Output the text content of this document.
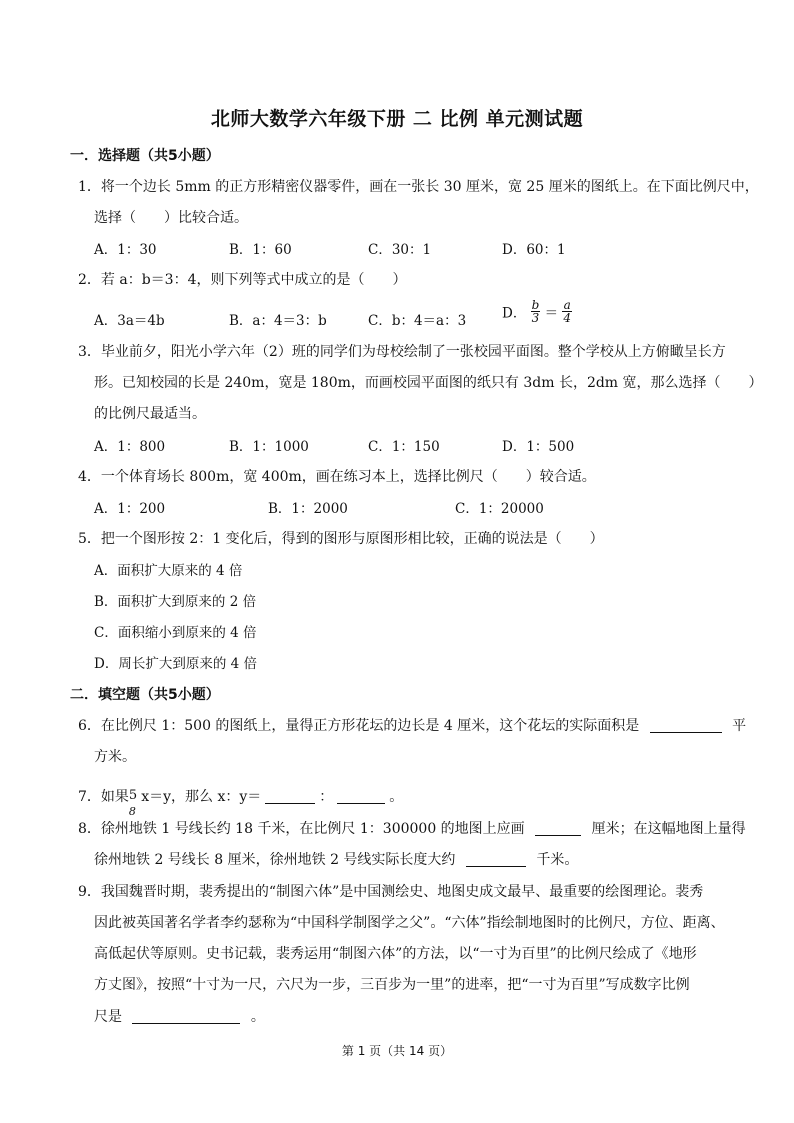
北师大数学六年级下册 二 比例 单元测试题
一．选择题（共5小题）
1．将一个边长 5mm 的正方形精密仪器零件，画在一张长 30 厘米，宽 25 厘米的图纸上。在下面比例尺中，
选择（　　）比较合适。
A．1：30	B．1：60	C．30：1	D．60：1
2．若 a：b＝3：4，则下列等式中成立的是（　　）
A．3a＝4b	B．a：4＝3：b	C．b：4＝a：3	D． $\frac{b}{3} = \frac{a}{4}$
3．毕业前夕，阳光小学六年（2）班的同学们为母校绘制了一张校园平面图。整个学校从上方俯瞰呈长方
形。已知校园的长是 240m，宽是 180m，而画校园平面图的纸只有 3dm 长，2dm 宽，那么选择（　　）
的比例尺最适当。
A．1：800	B．1：1000	C．1：150	D．1：500
4．一个体育场长 800m，宽 400m，画在练习本上，选择比例尺（　　）较合适。
A．1：200	B．1：2000	C．1：20000
5．把一个图形按 2：1 变化后，得到的图形与原图形相比较，正确的说法是（　　）
A．面积扩大原来的 4 倍
B．面积扩大到原来的 2 倍
C．面积缩小到原来的 4 倍
D．周长扩大到原来的 4 倍
二．填空题（共5小题）
6．在比例尺 1：500 的图纸上，量得正方形花坛的边长是 4 厘米，这个花坛的实际面积是	平
方米。
7．如果 5
8
x＝y，那么 x：y＝	：	。
8．徐州地铁 1 号线长约 18 千米，在比例尺 1：300000 的地图上应画	厘米；在这幅地图上量得
徐州地铁 2 号线长 8 厘米，徐州地铁 2 号线实际长度大约	千米。
9．我国魏晋时期，裴秀提出的“制图六体”是中国测绘史、地图史成文最早、最重要的绘图理论。裴秀
因此被英国著名学者李约瑟称为“中国科学制图学之父”。“六体”指绘制地图时的比例尺，方位、距离、
高低起伏等原则。史书记载，裴秀运用“制图六体”的方法，以“一寸为百里”的比例尺绘成了《地形
方丈图》，按照“十寸为一尺，六尺为一步，三百步为一里”的进率，把“一寸为百里”写成数字比例
尺是	。
第 1 页（共 14 页）
